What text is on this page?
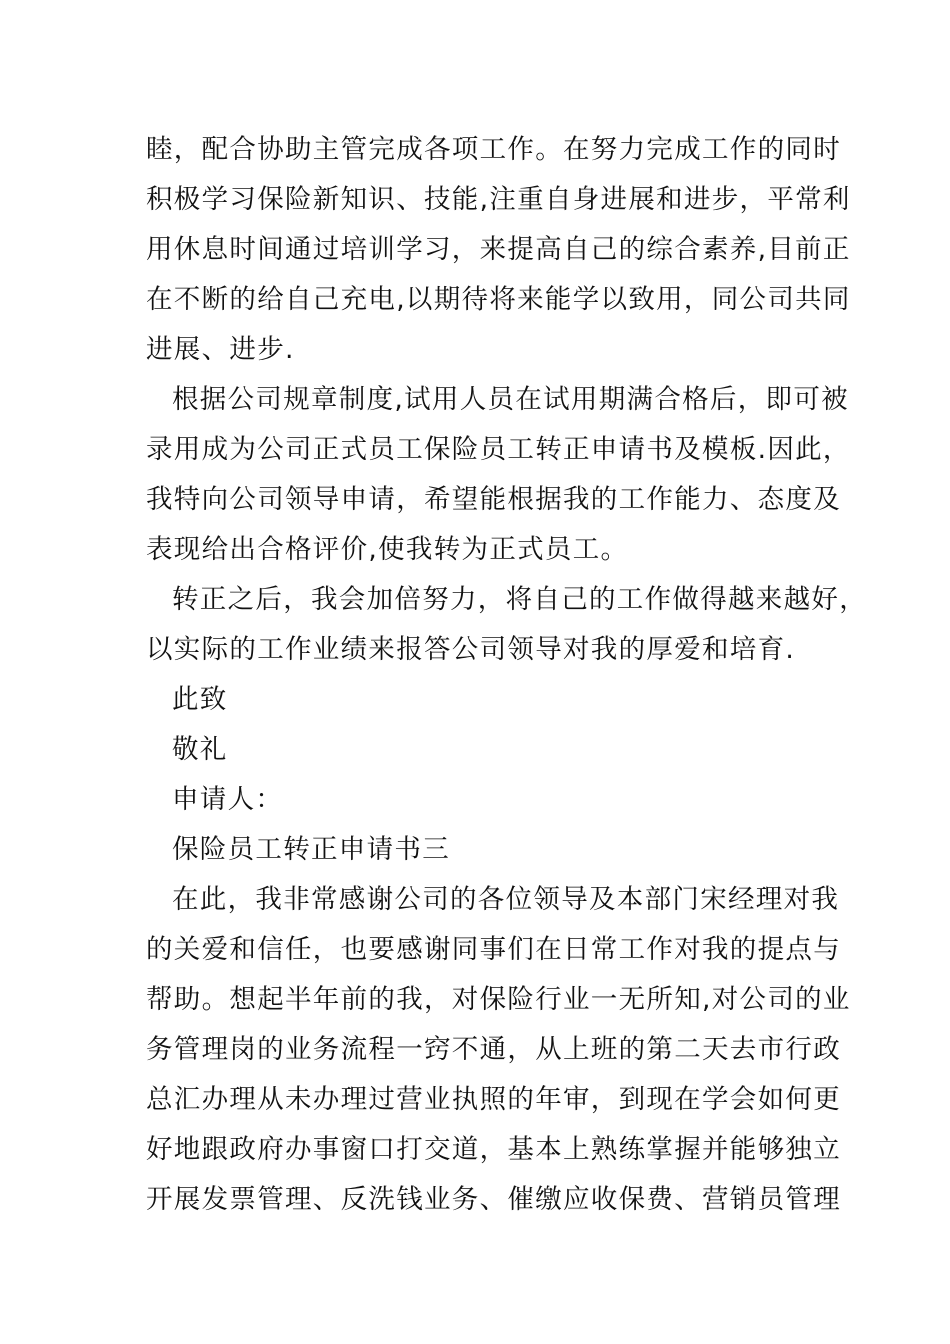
睦，配合协助主管完成各项工作。在努力完成工作的同时
积极学习保险新知识、技能,注重自身进展和进步，平常利
用休息时间通过培训学习，来提高自己的综合素养,目前正
在不断的给自己充电,以期待将来能学以致用，同公司共同
进展、进步.
根据公司规章制度,试用人员在试用期满合格后，即可被
录用成为公司正式员工保险员工转正申请书及模板.因此，
我特向公司领导申请，希望能根据我的工作能力、态度及
表现给出合格评价,使我转为正式员工。
转正之后，我会加倍努力，将自己的工作做得越来越好，
以实际的工作业绩来报答公司领导对我的厚爱和培育.
此致
敬礼
申请人：
保险员工转正申请书三
在此，我非常感谢公司的各位领导及本部门宋经理对我
的关爱和信任，也要感谢同事们在日常工作对我的提点与
帮助。想起半年前的我，对保险行业一无所知,对公司的业
务管理岗的业务流程一窍不通，从上班的第二天去市行政
总汇办理从未办理过营业执照的年审，到现在学会如何更
好地跟政府办事窗口打交道，基本上熟练掌握并能够独立
开展发票管理、反洗钱业务、催缴应收保费、营销员管理
